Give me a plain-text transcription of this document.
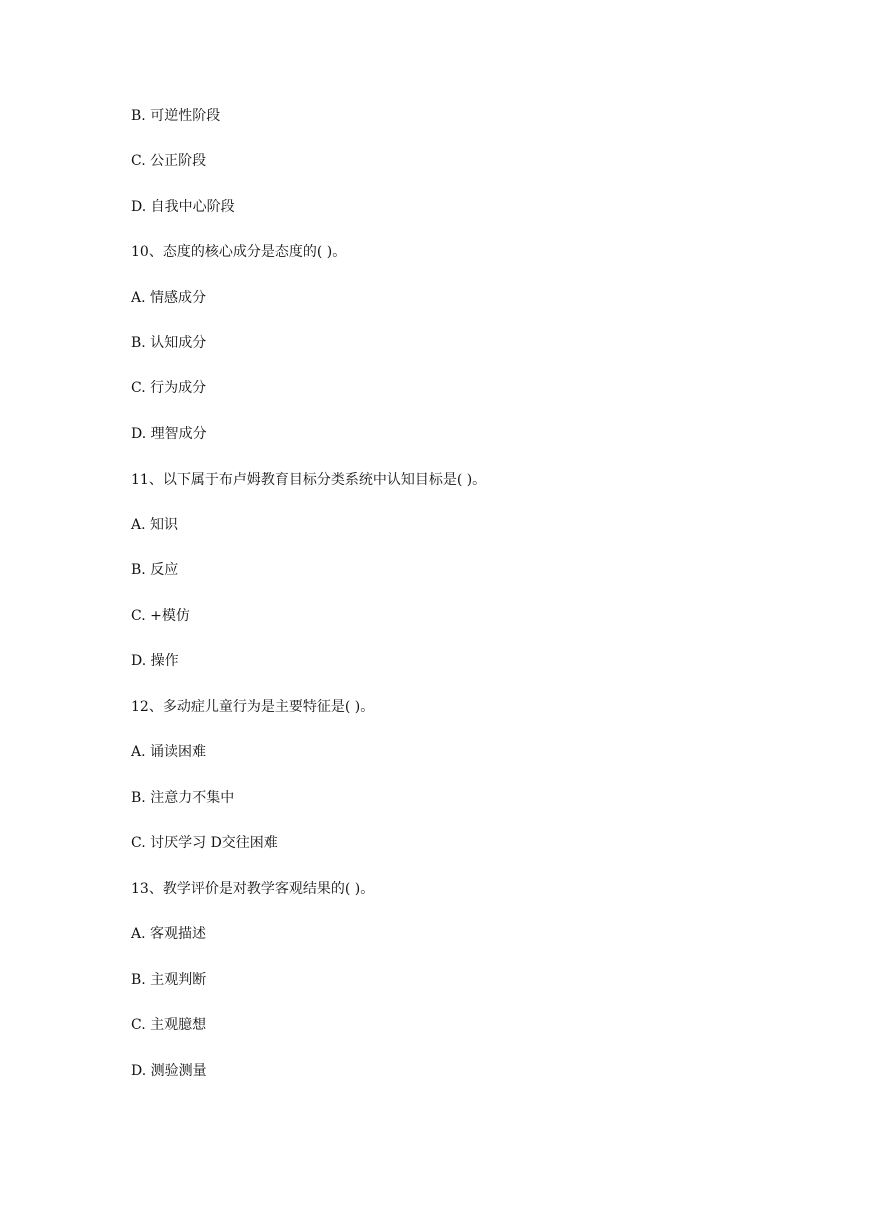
B. 可逆性阶段
C. 公正阶段
D. 自我中心阶段
10、态度的核心成分是态度的( )。
A. 情感成分
B. 认知成分
C. 行为成分
D. 理智成分
11、以下属于布卢姆教育目标分类系统中认知目标是( )。
A. 知识
B. 反应
C. +模仿
D. 操作
12、多动症儿童行为是主要特征是( )。
A. 诵读困难
B. 注意力不集中
C. 讨厌学习 D交往困难
13、教学评价是对教学客观结果的( )。
A. 客观描述
B. 主观判断
C. 主观臆想
D. 测验测量
